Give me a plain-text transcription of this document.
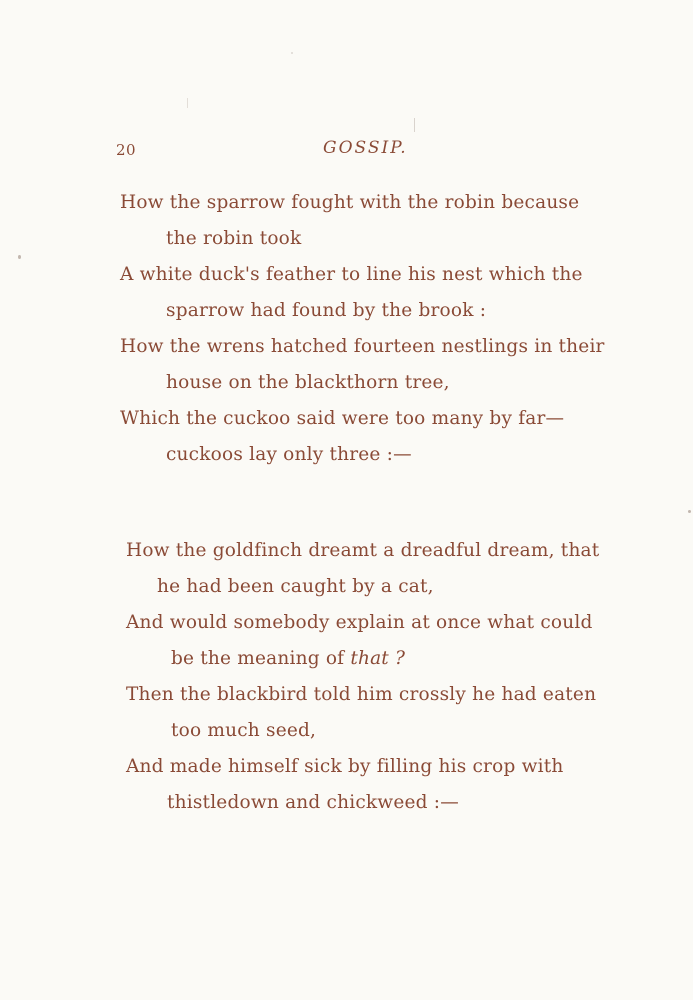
20	GOSSIP.
How the sparrow fought with the robin because
the robin took
A white duck's feather to line his nest which the
sparrow had found by the brook :
How the wrens hatched fourteen nestlings in their
house on the blackthorn tree,
Which the cuckoo said were too many by far—
cuckoos lay only three :—
How the goldfinch dreamt a dreadful dream, that
he had been caught by a cat,
And would somebody explain at once what could
be the meaning of that ?
Then the blackbird told him crossly he had eaten
too much seed,
And made himself sick by filling his crop with
thistledown and chickweed :—
